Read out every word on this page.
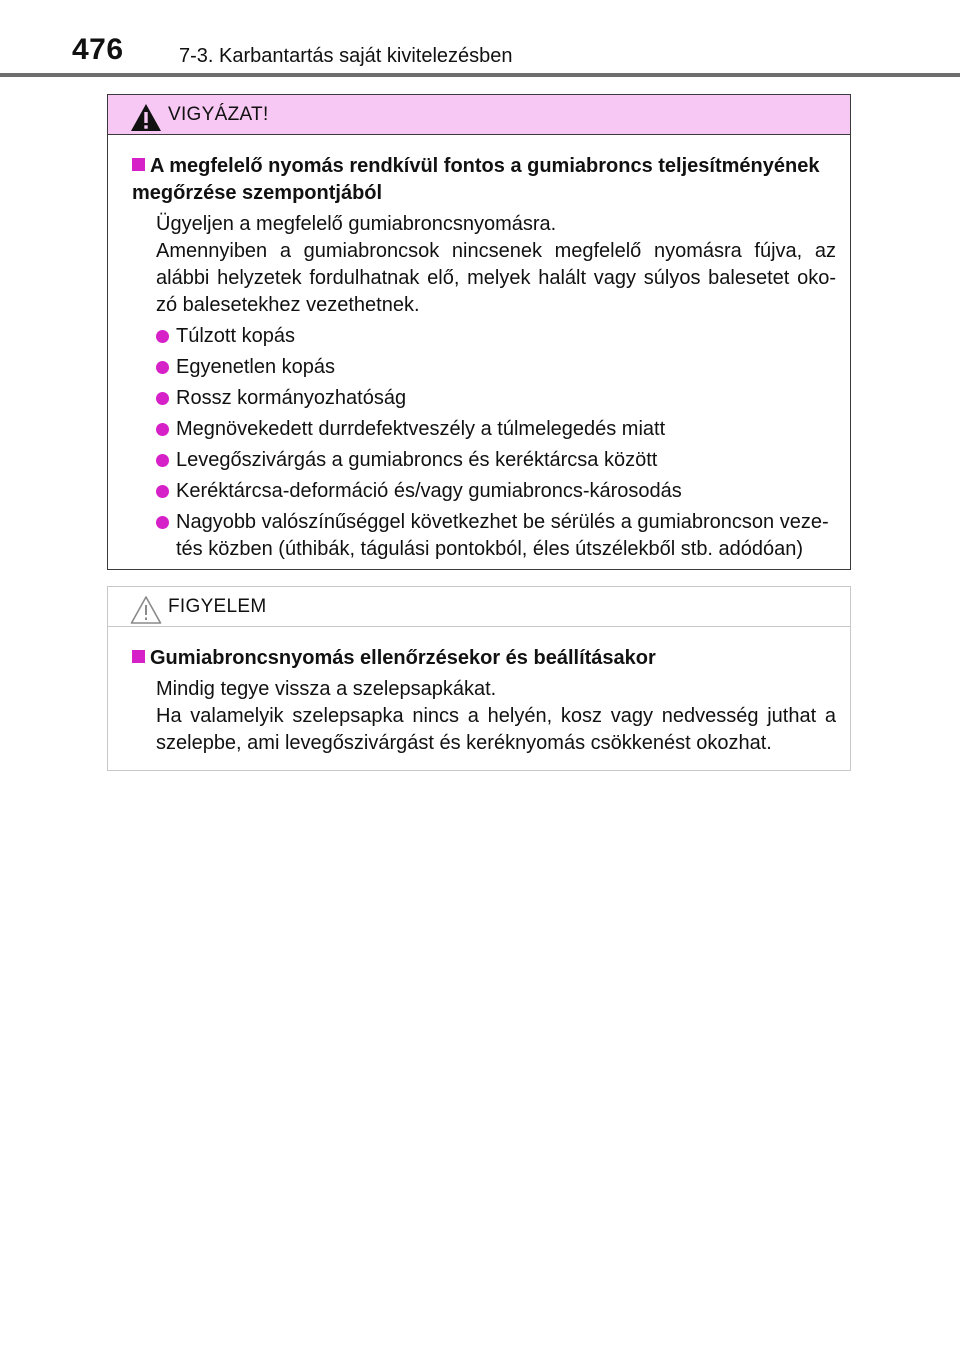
476	7-3. Karbantartás saját kivitelezésben
VIGYÁZAT!
A megfelelő nyomás rendkívül fontos a gumiabroncs teljesítményének megőrzése szempontjából

Ügyeljen a megfelelő gumiabroncsnyomásra.

Amennyiben a gumiabroncsok nincsenek megfelelő nyomásra fújva, az alábbi helyzetek fordulhatnak elő, melyek halált vagy súlyos balesetet oko-zó balesetekhez vezethetnek.

Túlzott kopás
Egyenetlen kopás
Rossz kormányozhatóság
Megnövekedett durrdefektveszély a túlmelegedés miatt
Levegőszivárgás a gumiabroncs és keréktárcsa között
Keréktárcsa-deformáció és/vagy gumiabroncs-károsodás
Nagyobb valószínűséggel következhet be sérülés a gumiabroncson veze-tés közben (úthibák, tágulási pontokból, éles útszélekből stb. adódóan)
FIGYELEM
Gumiabroncsnyomás ellenőrzésekor és beállításakor

Mindig tegye vissza a szelepsapkákat.

Ha valamelyik szelepsapka nincs a helyén, kosz vagy nedvesség juthat a szelepbe, ami levegőszivárgást és keréknyomás csökkenést okozhat.
